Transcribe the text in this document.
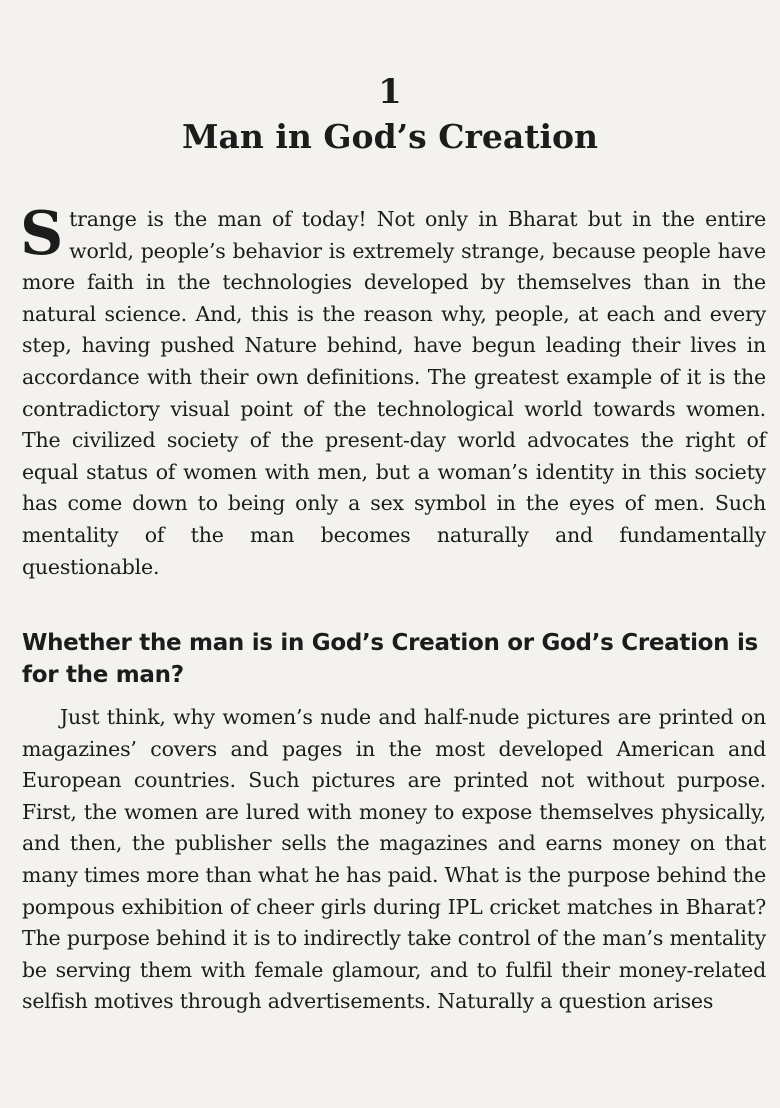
1
Man in God’s Creation

Strange is the man of today! Not only in Bharat but in the entire world, people’s behavior is extremely strange, because people have more faith in the technologies developed by themselves than in the natural science. And, this is the reason why, people, at each and every step, having pushed Nature behind, have begun leading their lives in accordance with their own definitions. The greatest example of it is the contradictory visual point of the technological world towards women. The civilized society of the present-day world advocates the right of equal status of women with men, but a woman’s identity in this society has come down to being only a sex symbol in the eyes of men. Such mentality of the man becomes naturally and fundamentally questionable.

Whether the man is in God’s Creation or God’s Creation is for the man?

Just think, why women’s nude and half-nude pictures are printed on magazines’ covers and pages in the most developed American and European countries. Such pictures are printed not without purpose. First, the women are lured with money to expose themselves physically, and then, the publisher sells the magazines and earns money on that many times more than what he has paid. What is the purpose behind the pompous exhibition of cheer girls during IPL cricket matches in Bharat? The purpose behind it is to indirectly take control of the man’s mentality be serving them with female glamour, and to fulfil their money-related selfish motives through advertisements. Naturally a question arises
